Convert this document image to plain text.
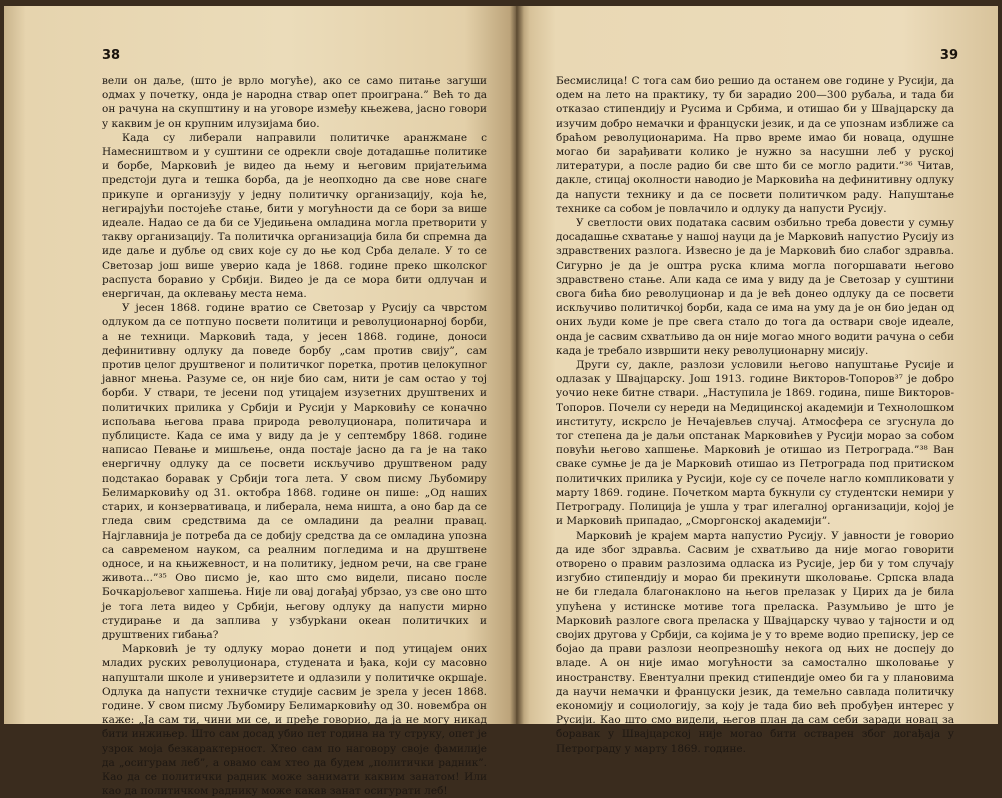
38

вели он даље, (што је врло могуће), ако се само питање загуши одмах у почетку, онда је народна ствар опет проиграна.” Већ то да он рачуна на скупштину и на уговоре између књежева, јасно говори у каквим је он крупним илузијама био.

Када су либерали направили политичке аранжмане с Намесништвом и у суштини се одрекли своје дотадашње политике и борбе, Марковић је видео да њему и његовим пријатељима предстоји дуга и тешка борба, да је неопходно да све нове снаге прикупе и организују у једну политичку организацију, која ће, негирајући постојеће стање, бити у могућности да се бори за више идеале. Надао се да би се Уједињена омладина могла претворити у такву организацију. Та политичка организација била би спремна да иде даље и дубље од свих које су до ње код Срба делале. У то се Светозар још више уверио када је 1868. године преко школског распуста боравио у Србији. Видео је да се мора бити одлучан и енергичан, да оклевању места нема.

У јесен 1868. године вратио се Светозар у Русију са чврстом одлуком да се потпуно посвети политици и револуционарној борби, а не техници. Марковић тада, у јесен 1868. године, доноси дефинитивну одлуку да поведе борбу „сам против свију”, сам против целог друштвеног и политичког поретка, против целокупног јавног мнења. Разуме се, он није био сам, нити је сам остао у тој борби. У ствари, те јесени под утицајем изузетних друштвених и политичких прилика у Србији и Русији у Марковићу се коначно испољава његова права природа револуционара, политичара и публицисте. Када се има у виду да је у септембру 1868. године написао Певање и мишљење, онда постаје јасно да га је на тако енергичну одлуку да се посвети искључиво друштвеном раду подстакао боравак у Србији тога лета. У свом писму Љубомиру Белимарковићу од 31. октобра 1868. године он пише: „Од наших старих, и конзервативаца, и либерала, нема ништа, а оно бар да се гледа свим средствима да се омладини да реални правац. Најглавнија је потреба да се добију средства да се омладина упозна са савременом науком, са реалним погледима и на друштвене односе, и на књижевност, и на политику, једном речи, на све гране живота...”³⁵ Ово писмо је, као што смо видели, писано после Бочкарјољевог хапшења. Није ли овај догађај убрзао, уз све оно што је тога лета видео у Србији, његову одлуку да напусти мирно студирање и да заплива у узбурkани океан политичких и друштвених гибања?

Марковић је ту одлуку морао донети и под утицајем оних младих руских револуционара, студената и ђака, који су масовно напуштали школе и универзитете и одлазили у политичке окршаје. Одлука да напусти техничке студије сасвим је зрела у јесен 1868. године. У свом писму Љубомиру Белимарковићу од 30. новембра он каже: „Ја сам ти, чини ми се, и пређе говорио, да ја не могу никад бити инжињер. Што сам досад убио пет година на ту струку, опет је узрок моја безкарактерност. Хтео сам по наговору своје фамилије да „осигурам леб”, а овамо сам хтео да будем „политички радник”. Као да се политички радник може занимати каквим занатом! Или као да политичком раднику може какав занат осигурати леб!

39

Бесмислица! С тога сам био решио да останем ове године у Русији, да одем на лето на практику, ту би зарадио 200—300 рубаља, и тада би отказао стипендију и Русима и Србима, и отишао би у Швајцарску да изучим добро немачки и француски језик, и да се упознам изближе са браћом револуционарима. На прво време имао би новаца, одушне могао би зарађивати колико је нужно за насушни леб у руској литератури, а после радио би све што би се могло радити.”³⁶ Читав, дакле, стицај околности наводио је Марковића на дефинитивну одлуку да напусти технику и да се посвети политичком раду. Напуштање технике са собом је повлачило и одлуку да напусти Русију.

У светлости ових података сасвим озбиљно треба довести у сумњу досадашње схватање у нашој науци да је Марковић напустио Русију из здравствених разлога. Извесно је да је Марковић био слабог здравља. Сигурно је да је оштра руска клима могла погоршавати његово здравствено стање. Али када се има у виду да је Светозар у суштини свога бића био револуционар и да је већ донео одлуку да се посвети искључиво политичкој борби, када се има на уму да је он био један од оних људи коме је пре свега стало до тога да оствари своје идеале, онда је сасвим схватљиво да он није могао много водити рачуна о себи када је требало извршити неку револуционарну мисију.

Други су, дакле, разлози условили његово напуштање Русије и одлазак у Швајцарску. Још 1913. године Викторов-Топоров³⁷ је добро уочио неке битне ствари. „Наступила је 1869. година, пише Викторов-Топоров. Почели су нереди на Медицинској академији и Технолошком институту, искрсло је Нечајевљев случај. Атмосфера се згуснула до тог степена да је даљи опстанак Марковићев у Русији морао за собом повући његово хапшење. Марковић је отишао из Петрограда.”³⁸ Ван сваке сумње је да је Марковић отишао из Петрограда под притиском политичких прилика у Русији, које су се почеле нагло компликовати у марту 1869. године. Почетком марта букнули су студентски немири у Петрограду. Полиција је ушла у траг илегалној организацији, којој је и Марковић припадао, „Сморгонској академији”.

Марковић је крајем марта напустио Русију. У јавности је говорио да иде због здравља. Сасвим је схватљиво да није могао говорити отворено о правим разлозима одласка из Русије, јер би у том случају изгубио стипендију и морао би прекинути школовање. Српска влада не би гледала благонаклоно на његов прелазак у Цирих да је била упућена у истинске мотиве тога преласка. Разумљиво је што је Марковић разлоге свога преласка у Швајцарску чувао у тајности и од својих другова у Србији, са којима је у то време водио преписку, јер се бојао да прави разлози неопрезношћу некога од њих не доспеју до владе. А он није имао могућности за самостално школовање у иностранству. Евентуални прекид стипендије омео би га у плановима да научи немачки и француски језик, да темељно савлада политичку економију и социологију, за коју је тада био већ пробуђен интерес у Русији. Као што смо видели, његов план да сам себи заради новац за боравак у Швајцарској није могао бити остварен због догађаја у Петрограду у марту 1869. године.
